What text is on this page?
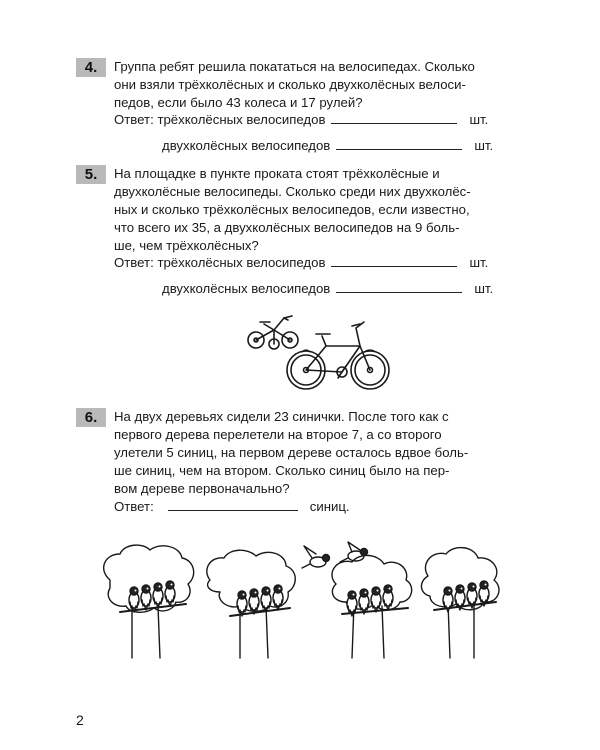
4.	Группа ребят решила покататься на велосипедах. Сколько
они взяли трёхколёсных и сколько двухколёсных велоси-
педов, если было 43 колеса и 17 рулей?
Ответ: трёхколёсных велосипедов	шт.
двухколёсных велосипедов	шт.
5.	На площадке в пункте проката стоят трёхколёсные и
двухколёсные велосипеды. Сколько среди них двухколёс-
ных и сколько трёхколёсных велосипедов, если известно,
что всего их 35, а двухколёсных велосипедов на 9 боль-
ше, чем трёхколёсных?
Ответ: трёхколёсных велосипедов	шт.
двухколёсных велосипедов	шт.
6.	На двух деревьях сидели 23 синички. После того как с
первого дерева перелетели на второе 7, а со второго
улетели 5 синиц, на первом дереве осталось вдвое боль-
ше синиц, чем на втором. Сколько синиц было на пер-
вом дереве первоначально?
Ответ:	синиц.
2
